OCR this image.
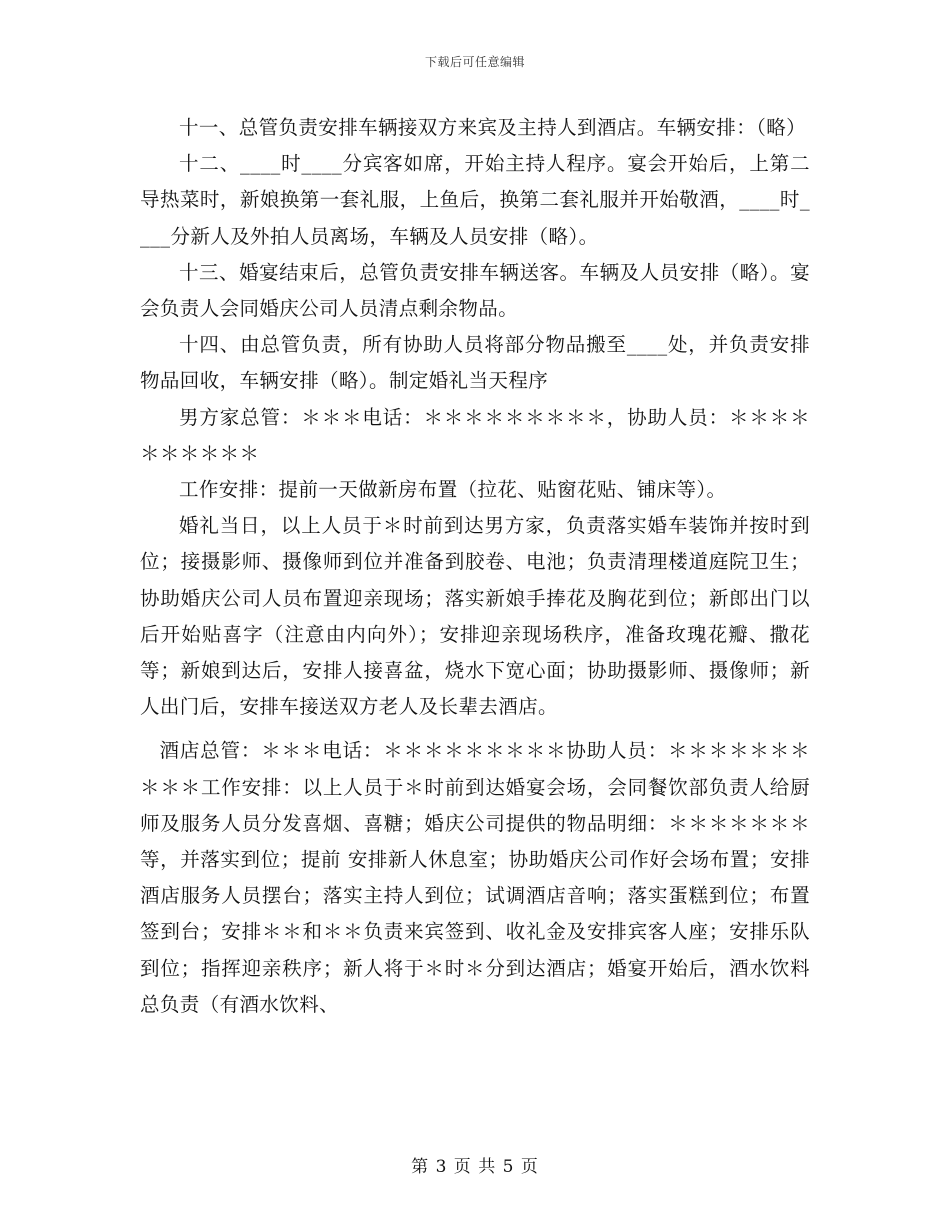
下载后可任意编辑

十一、总管负责安排车辆接双方来宾及主持人到酒店。车辆安排：（略）

十二、____时____分宾客如席，开始主持人程序。宴会开始后，上第二导热菜时，新娘换第一套礼服，上鱼后，换第二套礼服并开始敬酒，____时____分新人及外拍人员离场，车辆及人员安排（略）。

十三、婚宴结束后，总管负责安排车辆送客。车辆及人员安排（略）。宴会负责人会同婚庆公司人员清点剩余物品。

十四、由总管负责，所有协助人员将部分物品搬至____处，并负责安排物品回收，车辆安排（略）。制定婚礼当天程序

男方家总管：＊＊＊电话：＊＊＊＊＊＊＊＊＊，协助人员：＊＊＊＊＊＊＊＊＊＊

工作安排：提前一天做新房布置（拉花、贴窗花贴、铺床等）。

婚礼当日，以上人员于＊时前到达男方家，负责落实婚车装饰并按时到位；接摄影师、摄像师到位并准备到胶卷、电池；负责清理楼道庭院卫生；协助婚庆公司人员布置迎亲现场；落实新娘手捧花及胸花到位；新郎出门以后开始贴喜字（注意由内向外）；安排迎亲现场秩序，准备玫瑰花瓣、撒花等；新娘到达后，安排人接喜盆，烧水下宽心面；协助摄影师、摄像师；新人出门后，安排车接送双方老人及长辈去酒店。

酒店总管：＊＊＊电话：＊＊＊＊＊＊＊＊＊协助人员：＊＊＊＊＊＊＊＊＊＊工作安排：以上人员于＊时前到达婚宴会场，会同餐饮部负责人给厨师及服务人员分发喜烟、喜糖；婚庆公司提供的物品明细：＊＊＊＊＊＊＊等，并落实到位；提前 安排新人休息室；协助婚庆公司作好会场布置；安排酒店服务人员摆台；落实主持人到位；试调酒店音响；落实蛋糕到位；布置签到台；安排＊＊和＊＊负责来宾签到、收礼金及安排宾客人座；安排乐队到位；指挥迎亲秩序；新人将于＊时＊分到达酒店；婚宴开始后，酒水饮料总负责（有酒水饮料、

第 3 页 共 5 页
